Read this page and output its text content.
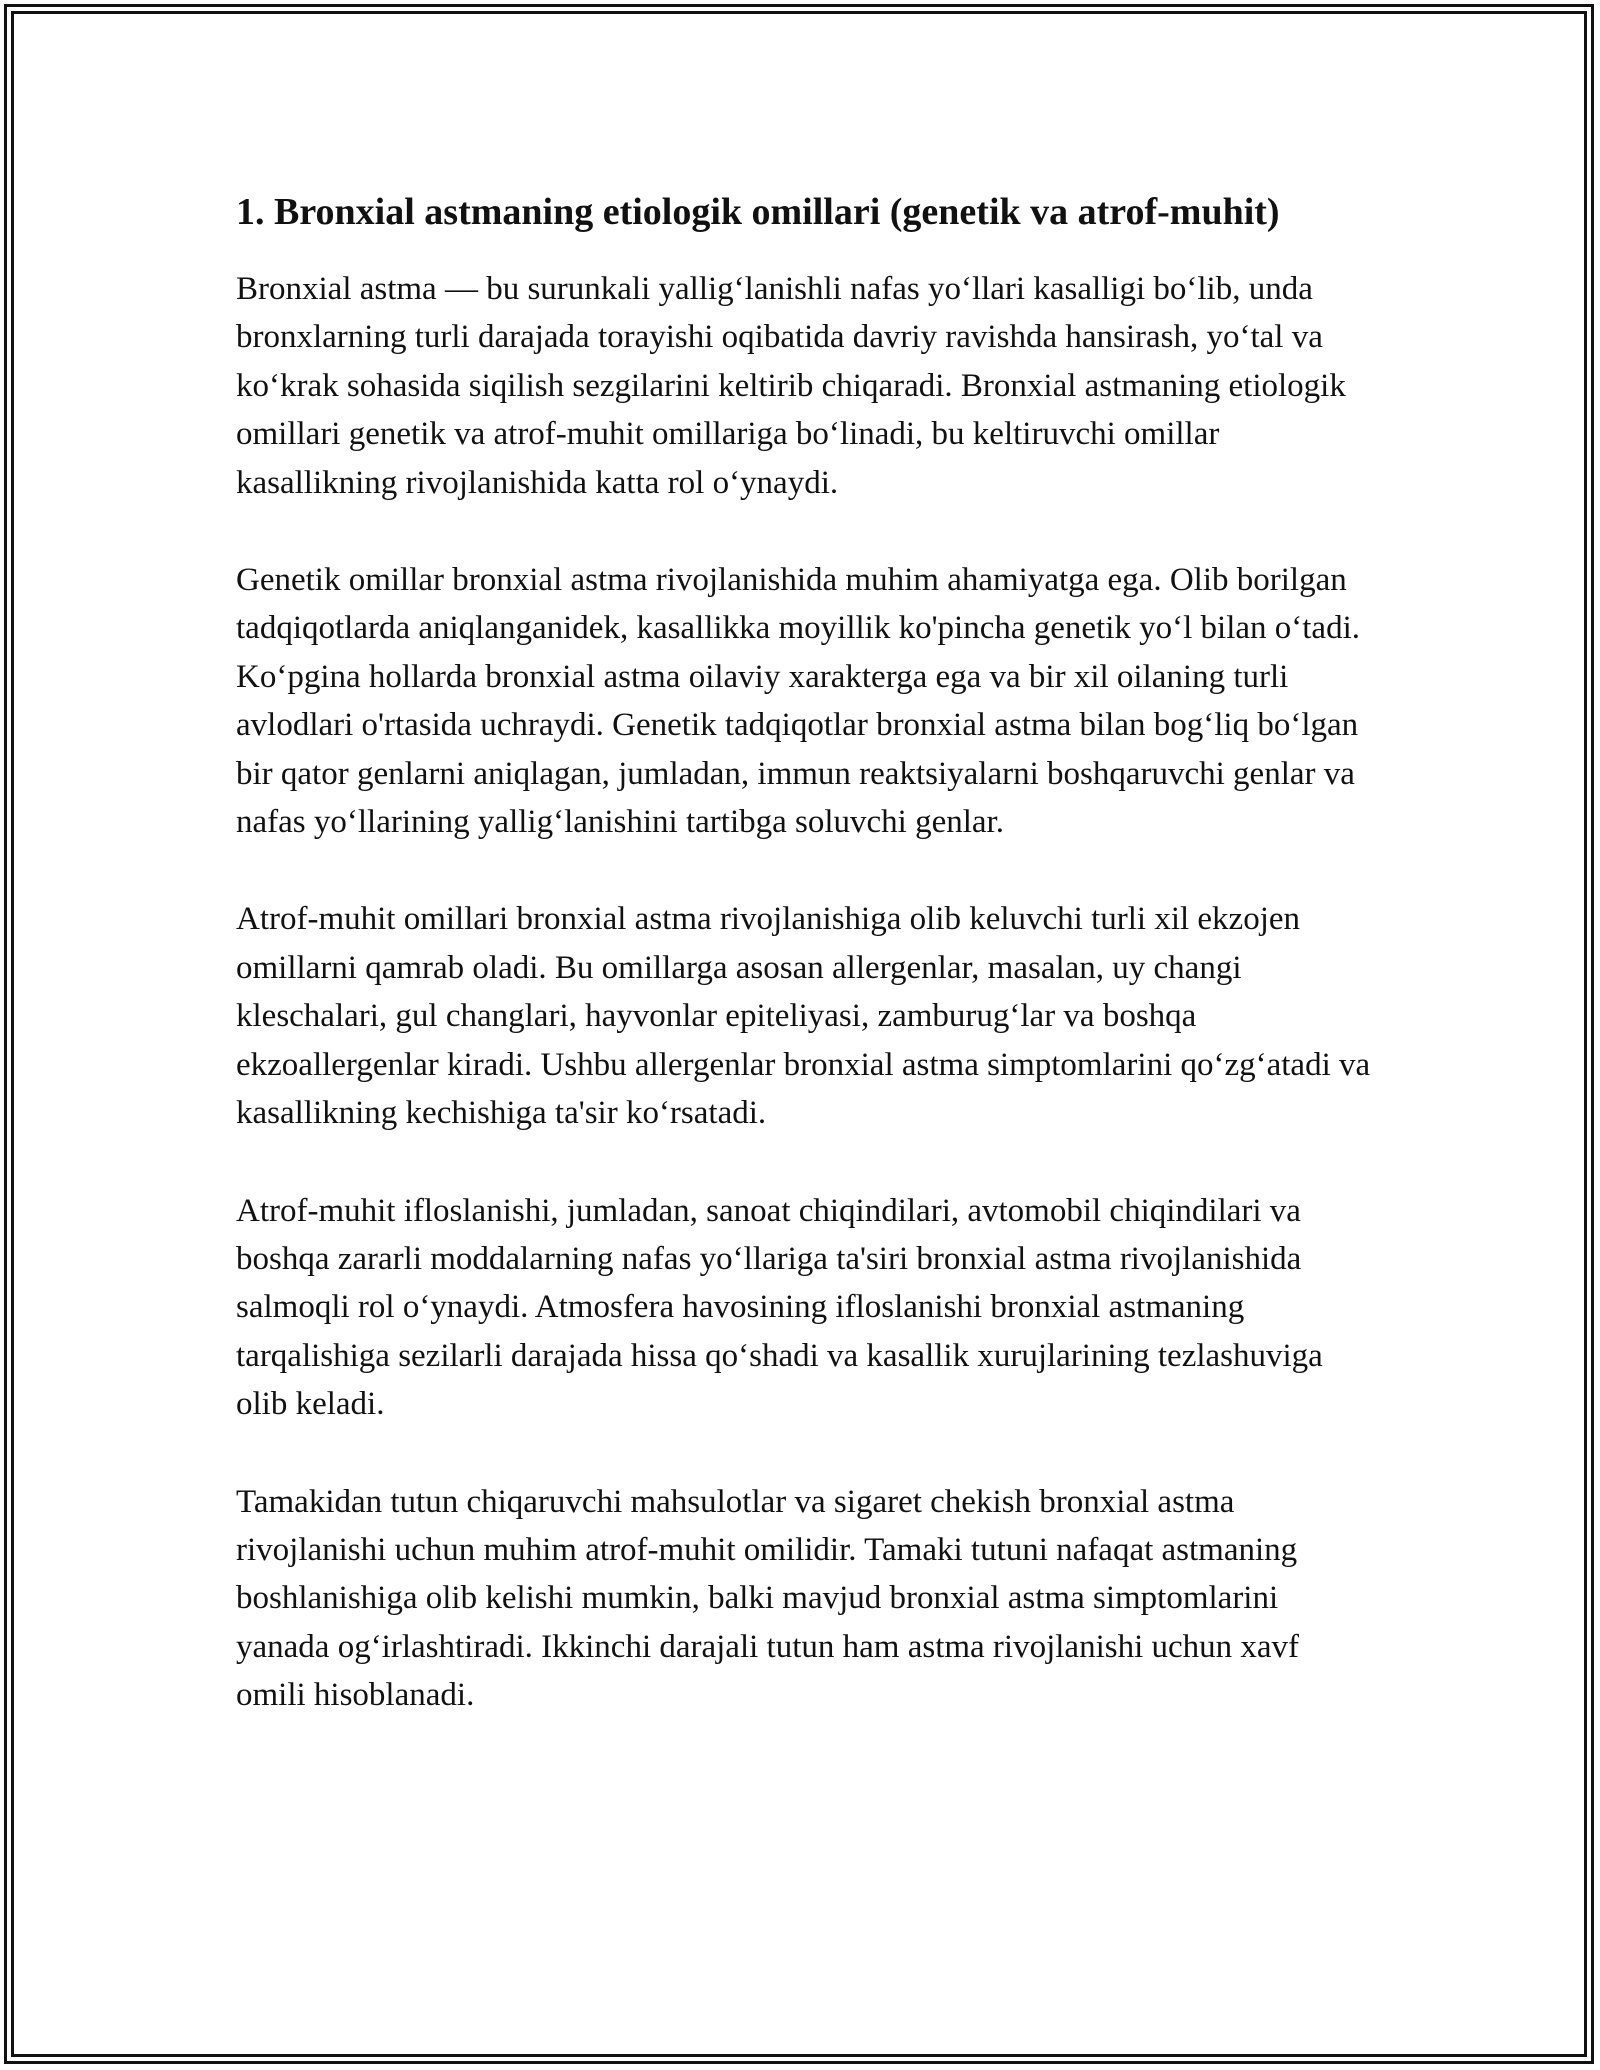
1. Bronxial astmaning etiologik omillari (genetik va atrof-muhit)

Bronxial astma — bu surunkali yallig‘lanishli nafas yo‘llari kasalligi bo‘lib, unda bronxlarning turli darajada torayishi oqibatida davriy ravishda hansirash, yo‘tal va ko‘krak sohasida siqilish sezgilarini keltirib chiqaradi. Bronxial astmaning etiologik omillari genetik va atrof-muhit omillariga bo‘linadi, bu keltiruvchi omillar kasallikning rivojlanishida katta rol o‘ynaydi.

Genetik omillar bronxial astma rivojlanishida muhim ahamiyatga ega. Olib borilgan tadqiqotlarda aniqlanganidek, kasallikka moyillik ko'pincha genetik yo‘l bilan o‘tadi. Ko‘pgina hollarda bronxial astma oilaviy xarakterga ega va bir xil oilaning turli avlodlari o'rtasida uchraydi. Genetik tadqiqotlar bronxial astma bilan bog‘liq bo‘lgan bir qator genlarni aniqlagan, jumladan, immun reaktsiyalarni boshqaruvchi genlar va nafas yo‘llarining yallig‘lanishini tartibga soluvchi genlar.

Atrof-muhit omillari bronxial astma rivojlanishiga olib keluvchi turli xil ekzojen omillarni qamrab oladi. Bu omillarga asosan allergenlar, masalan, uy changi kleschalari, gul changlari, hayvonlar epiteliyasi, zamburug‘lar va boshqa ekzoallergenlar kiradi. Ushbu allergenlar bronxial astma simptomlarini qo‘zg‘atadi va kasallikning kechishiga ta'sir ko‘rsatadi.

Atrof-muhit ifloslanishi, jumladan, sanoat chiqindilari, avtomobil chiqindilari va boshqa zararli moddalarning nafas yo‘llariga ta'siri bronxial astma rivojlanishida salmoqli rol o‘ynaydi. Atmosfera havosining ifloslanishi bronxial astmaning tarqalishiga sezilarli darajada hissa qo‘shadi va kasallik xurujlarining tezlashuviga olib keladi.

Tamakidan tutun chiqaruvchi mahsulotlar va sigaret chekish bronxial astma rivojlanishi uchun muhim atrof-muhit omilidir. Tamaki tutuni nafaqat astmaning boshlanishiga olib kelishi mumkin, balki mavjud bronxial astma simptomlarini yanada og‘irlashtiradi. Ikkinchi darajali tutun ham astma rivojlanishi uchun xavf omili hisoblanadi.
